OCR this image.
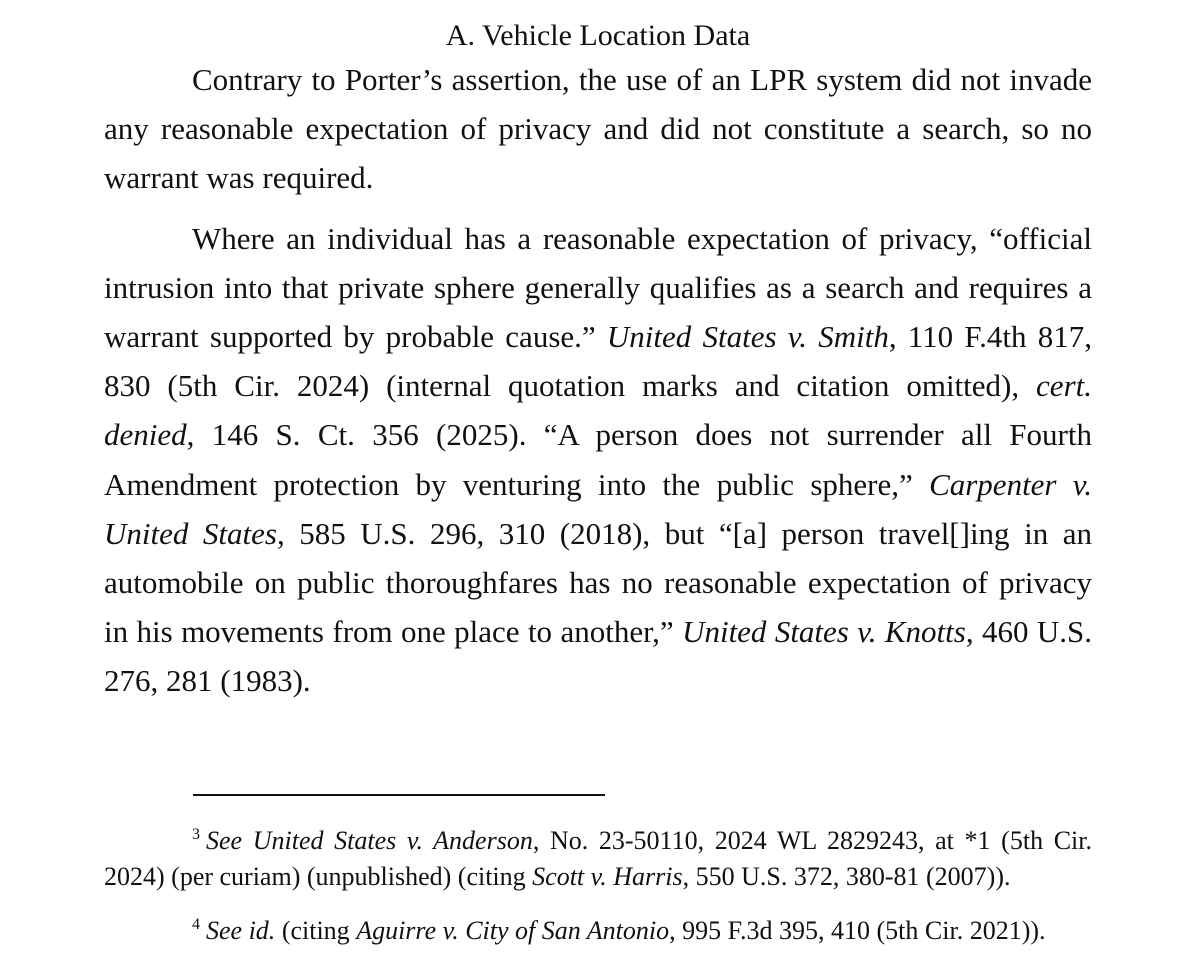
A. Vehicle Location Data

Contrary to Porter’s assertion, the use of an LPR system did not invade any reasonable expectation of privacy and did not constitute a search, so no warrant was required.

Where an individual has a reasonable expectation of privacy, “official intrusion into that private sphere generally qualifies as a search and requires a warrant supported by probable cause.” United States v. Smith, 110 F.4th 817, 830 (5th Cir. 2024) (internal quotation marks and citation omitted), cert. denied, 146 S. Ct. 356 (2025). “A person does not surrender all Fourth Amendment protection by venturing into the public sphere,” Carpenter v. United States, 585 U.S. 296, 310 (2018), but “[a] person travel[]ing in an automobile on public thoroughfares has no reasonable expectation of privacy in his movements from one place to another,” United States v. Knotts, 460 U.S. 276, 281 (1983).

$^3$ See United States v. Anderson, No. 23-50110, 2024 WL 2829243, at *1 (5th Cir. 2024) (per curiam) (unpublished) (citing Scott v. Harris, 550 U.S. 372, 380-81 (2007)).

$^4$ See id. (citing Aguirre v. City of San Antonio, 995 F.3d 395, 410 (5th Cir. 2021)).
